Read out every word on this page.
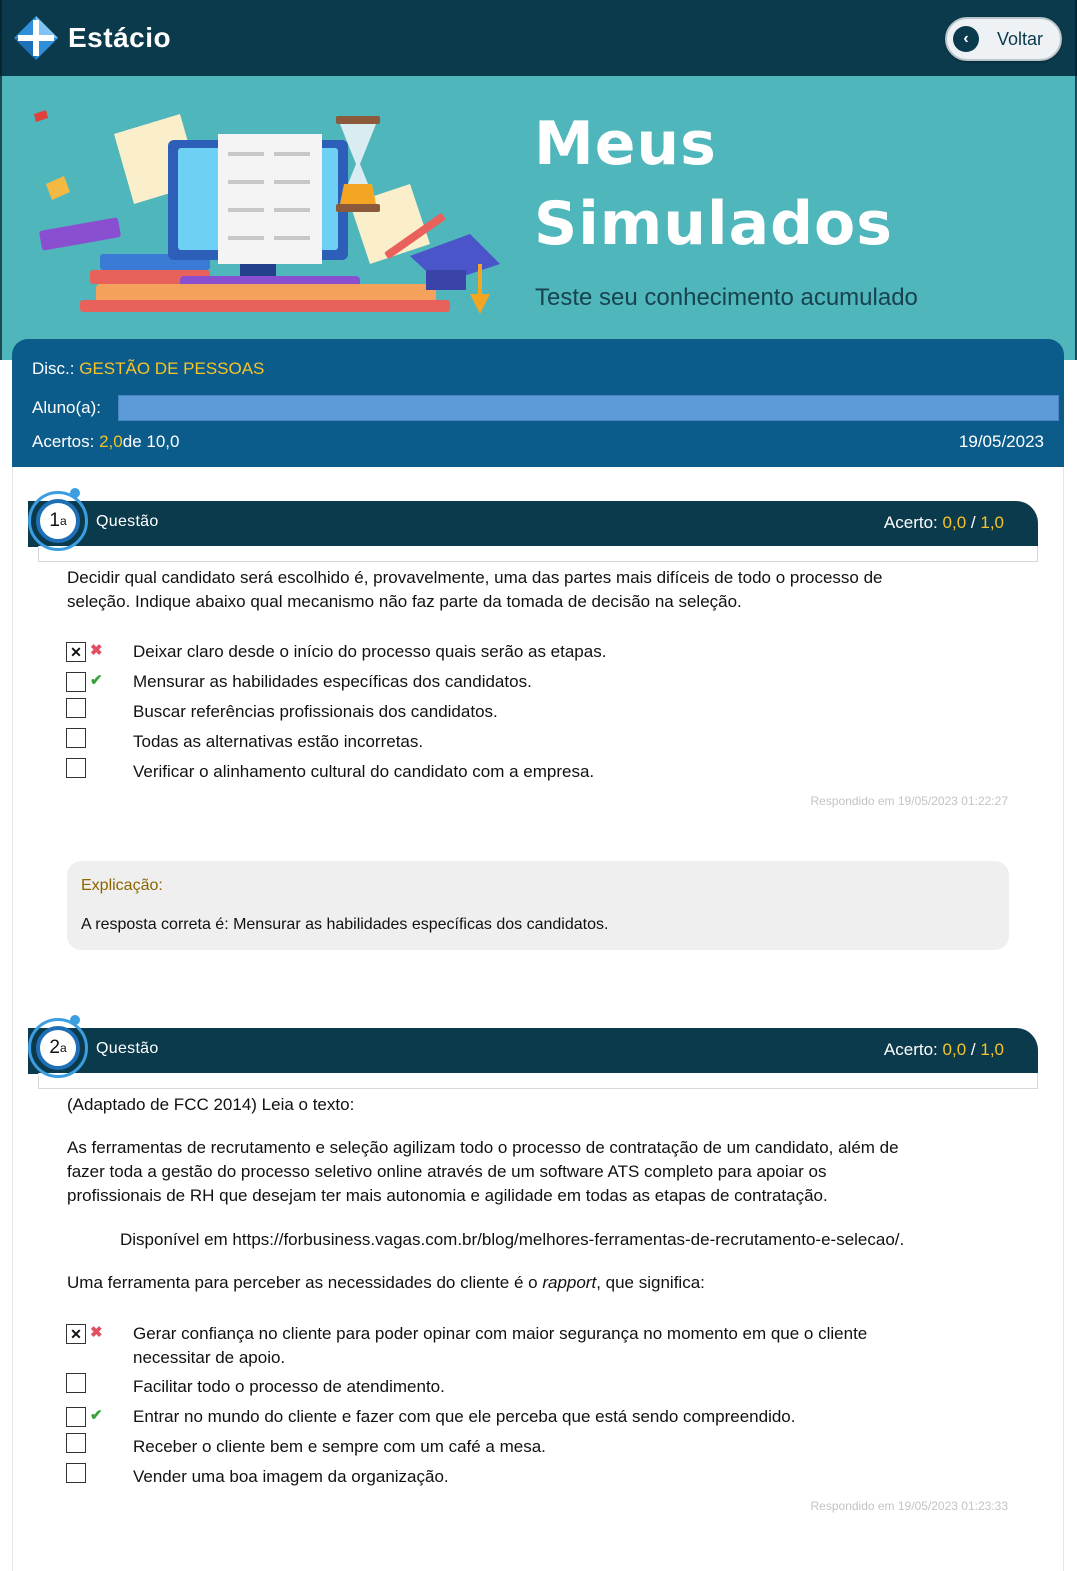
Estácio	‹	Voltar
Meus
Simulados
Teste seu conhecimento acumulado
Disc.: GESTÃO DE PESSOAS
Aluno(a):
Acertos: 2,0de 10,0	19/05/2023
Questão	Acerto: 0,0 / 1,0
1 a
Decidir qual candidato será escolhido é, provavelmente, uma das partes mais difíceis de todo o processo de
seleção. Indique abaixo qual mecanismo não faz parte da tomada de decisão na seleção.
✕ ✖ Deixar claro desde o início do processo quais serão as etapas.
✔ Mensurar as habilidades específicas dos candidatos.
Buscar referências profissionais dos candidatos.
Todas as alternativas estão incorretas.
Verificar o alinhamento cultural do candidato com a empresa.
Respondido em 19/05/2023 01:22:27
Explicação:
A resposta correta é: Mensurar as habilidades específicas dos candidatos.
Questão	Acerto: 0,0 / 1,0
2 a
(Adaptado de FCC 2014) Leia o texto:
As ferramentas de recrutamento e seleção agilizam todo o processo de contratação de um candidato, além de
fazer toda a gestão do processo seletivo online através de um software ATS completo para apoiar os
profissionais de RH que desejam ter mais autonomia e agilidade em todas as etapas de contratação.
Disponível em https://forbusiness.vagas.com.br/blog/melhores-ferramentas-de-recrutamento-e-selecao/.
Uma ferramenta para perceber as necessidades do cliente é o rapport, que significa:
✕ ✖ Gerar confiança no cliente para poder opinar com maior segurança no momento em que o cliente
necessitar de apoio.
Facilitar todo o processo de atendimento.
✔ Entrar no mundo do cliente e fazer com que ele perceba que está sendo compreendido.
Receber o cliente bem e sempre com um café a mesa.
Vender uma boa imagem da organização.
Respondido em 19/05/2023 01:23:33
